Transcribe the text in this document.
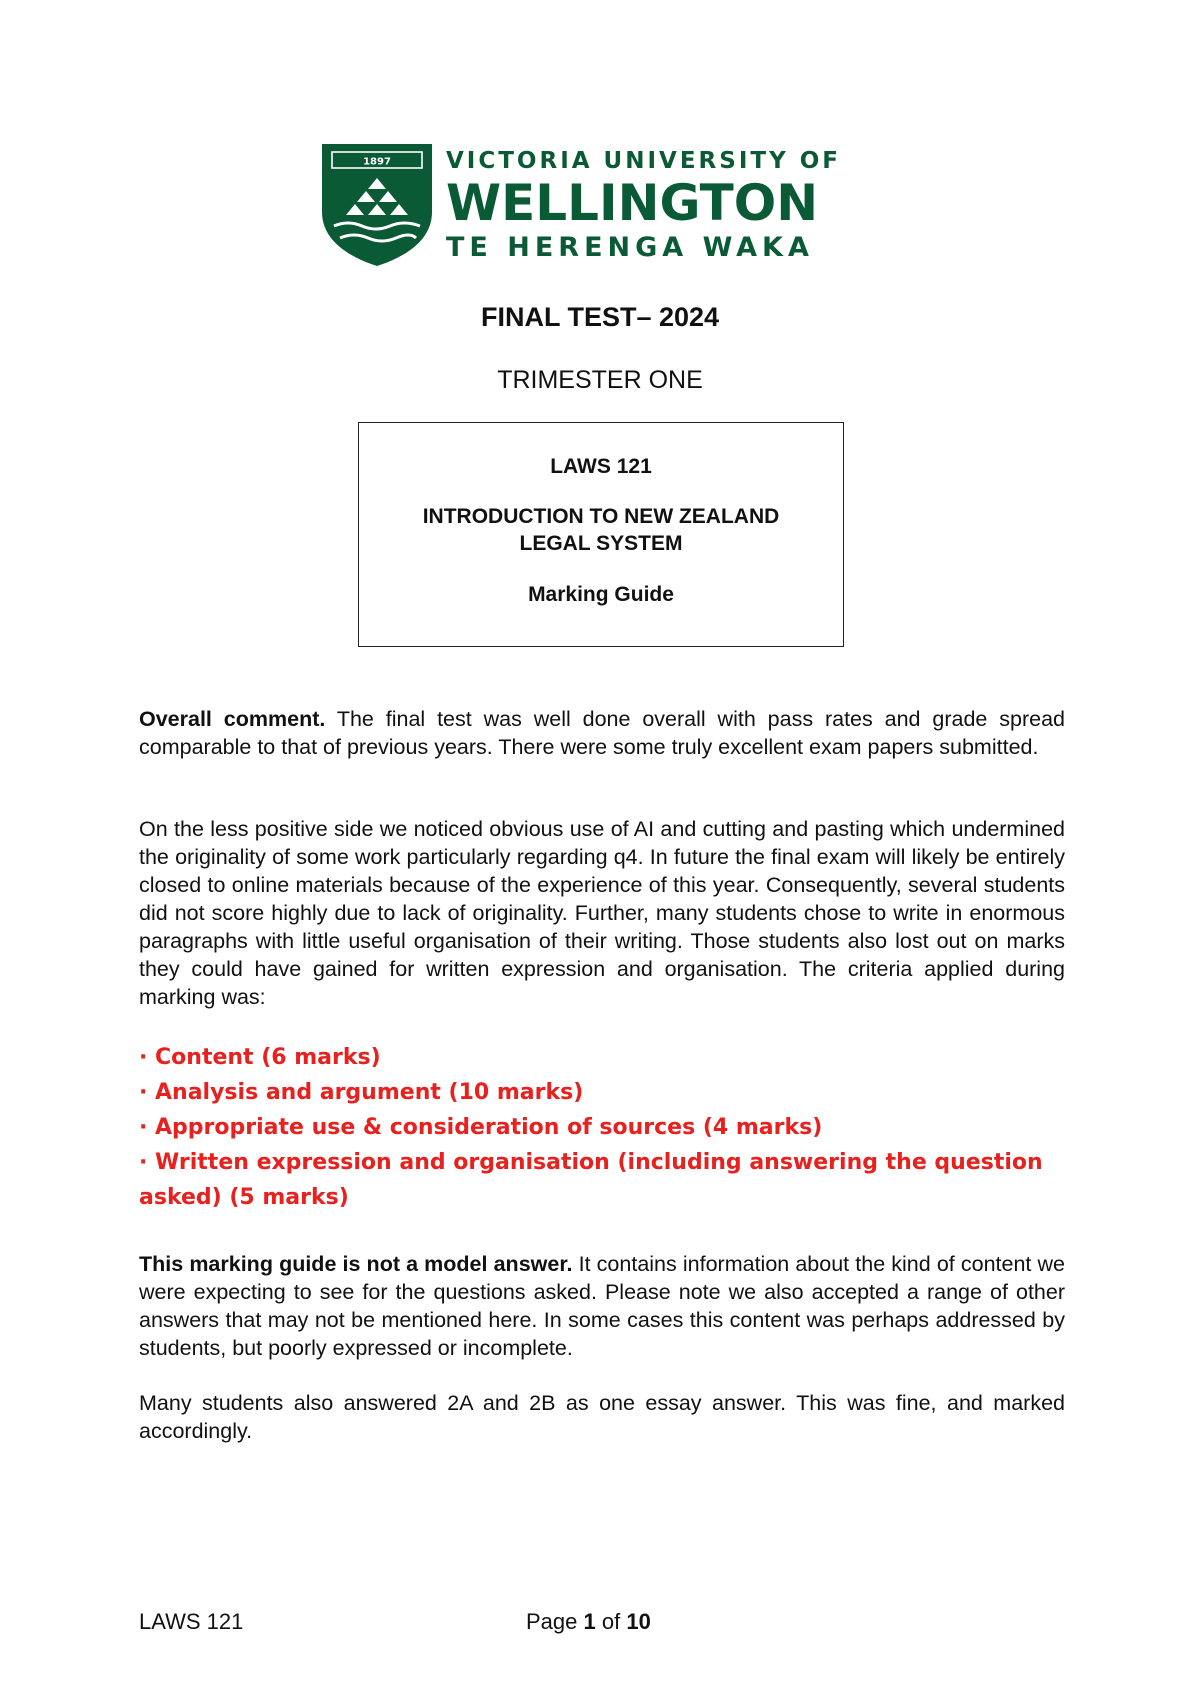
1897 VICTORIA UNIVERSITY OF
WELLINGTON
TE HERENGA WAKA
FINAL TEST– 2024
TRIMESTER ONE
LAWS 121
INTRODUCTION TO NEW ZEALAND
LEGAL SYSTEM
Marking Guide

Overall comment. The final test was well done overall with pass rates and grade spread comparable to that of previous years. There were some truly excellent exam papers submitted.

On the less positive side we noticed obvious use of AI and cutting and pasting which undermined the originality of some work particularly regarding q4. In future the final exam will likely be entirely closed to online materials because of the experience of this year. Consequently, several students did not score highly due to lack of originality. Further, many students chose to write in enormous paragraphs with little useful organisation of their writing. Those students also lost out on marks they could have gained for written expression and organisation. The criteria applied during marking was:

· Content (6 marks)
· Analysis and argument (10 marks)
· Appropriate use & consideration of sources (4 marks)
· Written expression and organisation (including answering the question asked) (5 marks)

This marking guide is not a model answer. It contains information about the kind of content we were expecting to see for the questions asked. Please note we also accepted a range of other answers that may not be mentioned here. In some cases this content was perhaps addressed by students, but poorly expressed or incomplete.

Many students also answered 2A and 2B as one essay answer. This was fine, and marked accordingly.

LAWS 121	Page 1 of 10
